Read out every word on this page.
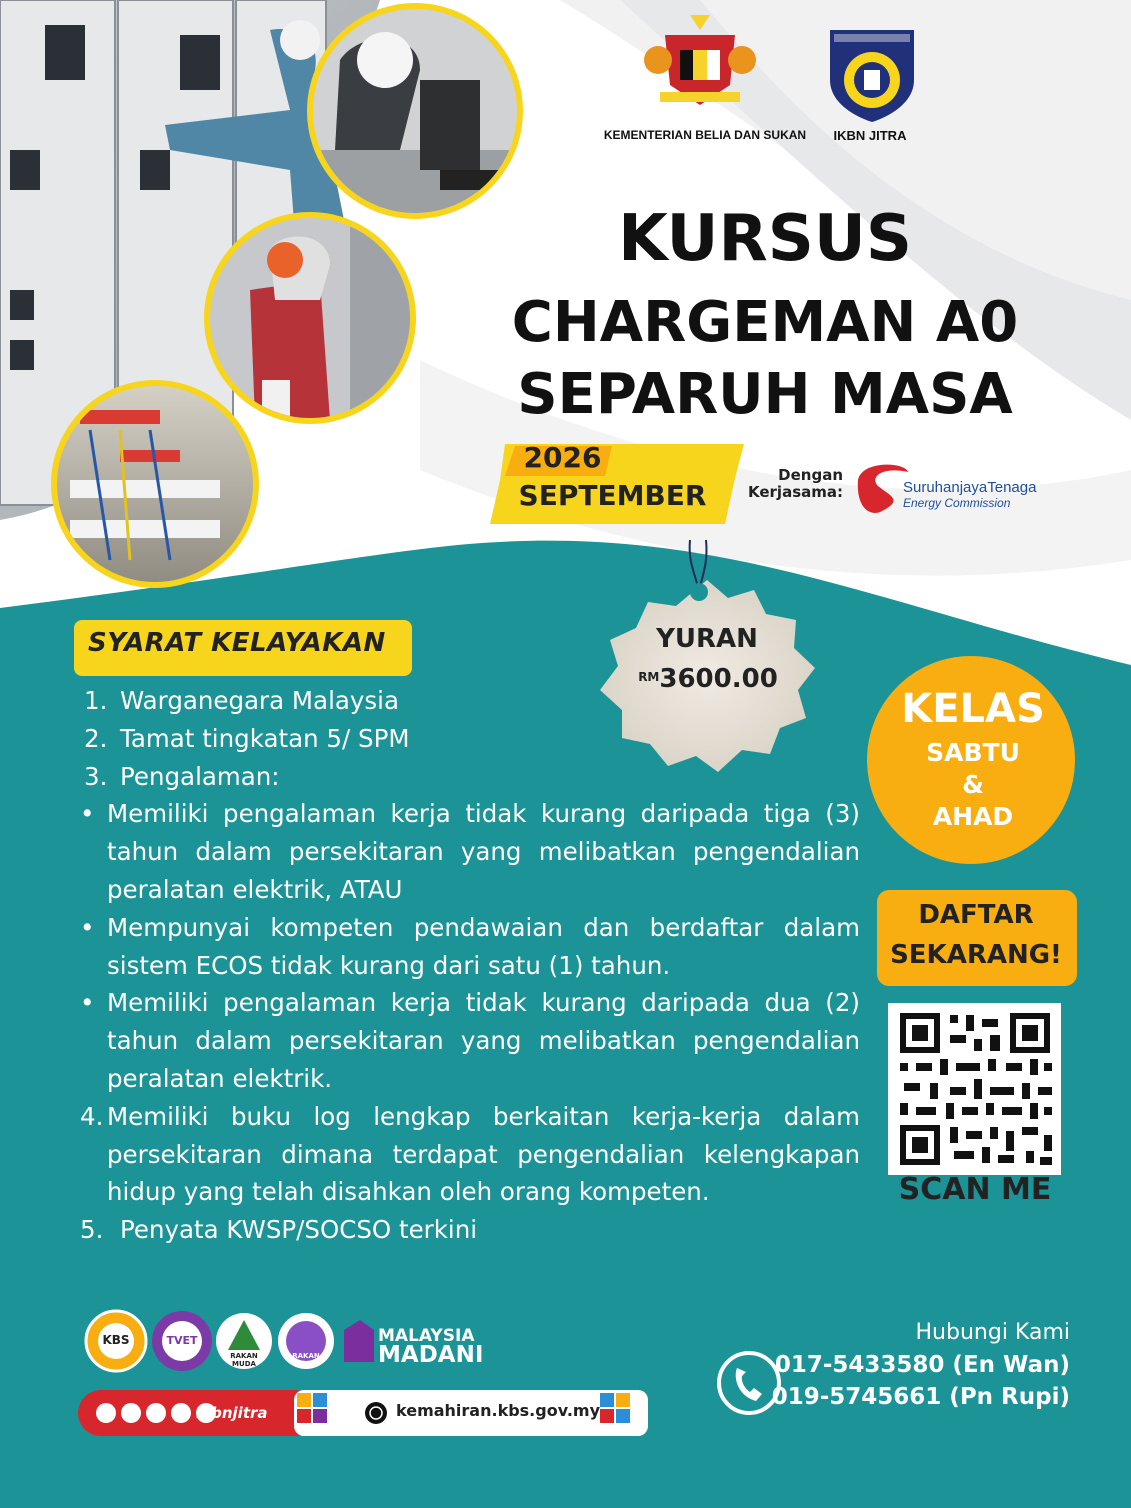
KEMENTERIAN BELIA DAN SUKAN	IKBN JITRA
KURSUS
CHARGEMAN A0
SEPARUH MASA
2026
SEPTEMBER
Dengan
Kerjasama:	SuruhanjayaTenaga
Energy Commission
YURAN
$^{RM}$3600.00
SYARAT KELAYAKAN
1. Warganegara Malaysia
2. Tamat tingkatan 5/ SPM
3. Pengalaman:
• Memiliki pengalaman kerja tidak kurang daripada tiga (3) tahun dalam persekitaran yang melibatkan pengendalian peralatan elektrik, ATAU
• Mempunyai kompeten pendawaian dan berdaftar dalam sistem ECOS tidak kurang dari satu (1) tahun.
• Memiliki pengalaman kerja tidak kurang daripada dua (2) tahun dalam persekitaran yang melibatkan pengendalian peralatan elektrik.
4. Memiliki buku log lengkap berkaitan kerja-kerja dalam persekitaran dimana terdapat pengendalian kelengkapan hidup yang telah disahkan oleh orang kompeten.
5. Penyata KWSP/SOCSO terkini
KELAS
SABTU
&
AHAD
DAFTAR
SEKARANG!
SCAN ME
KBS	TVET
RAKAN MUDA
RAKAN MAHIR
MALAYSIA
MADANI
ikbnjitra	kemahiran.kbs.gov.my
Hubungi Kami
017-5433580 (En Wan)
019-5745661 (Pn Rupi)
